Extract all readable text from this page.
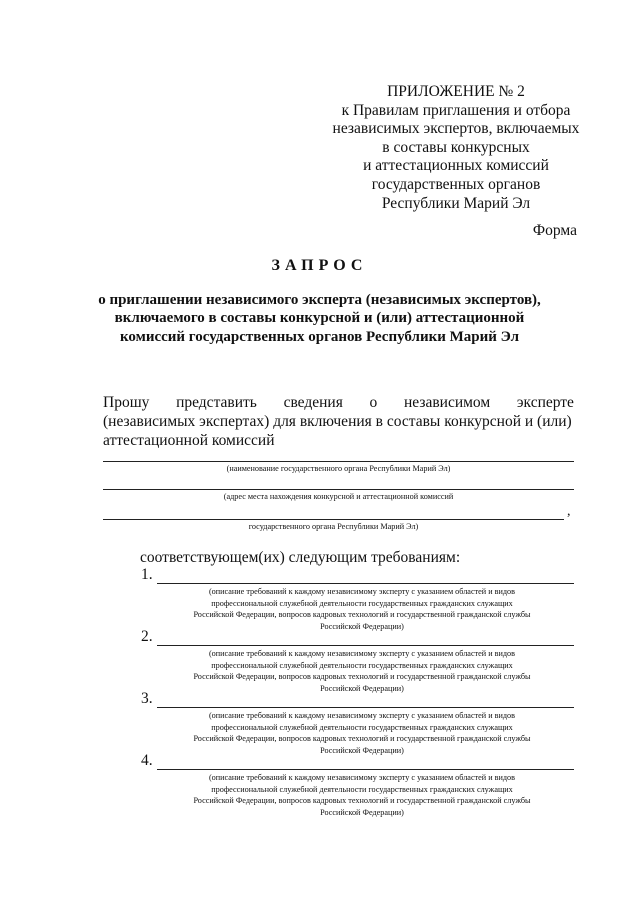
ПРИЛОЖЕНИЕ № 2
к Правилам приглашения и отбора
независимых экспертов, включаемых
в составы конкурсных
и аттестационных комиссий
государственных органов
Республики Марий Эл
Форма
ЗАПРОС
о приглашении независимого эксперта (независимых экспертов),
включаемого в составы конкурсной и (или) аттестационной
комиссий государственных органов Республики Марий Эл
Прошу представить сведения о независимом эксперте
(независимых экспертах) для включения в составы конкурсной и (или)
аттестационной комиссий
(наименование государственного органа Республики Марий Эл)
(адрес места нахождения конкурсной и аттестационной комиссий
,
государственного органа Республики Марий Эл)
соответствующем(их) следующим требованиям:
1.
(описание требований к каждому независимому эксперту с указанием областей и видов
профессиональной служебной деятельности государственных гражданских служащих
Российской Федерации, вопросов кадровых технологий и государственной гражданской службы
Российской Федерации)
2.
(описание требований к каждому независимому эксперту с указанием областей и видов
профессиональной служебной деятельности государственных гражданских служащих
Российской Федерации, вопросов кадровых технологий и государственной гражданской службы
Российской Федерации)
3.
(описание требований к каждому независимому эксперту с указанием областей и видов
профессиональной служебной деятельности государственных гражданских служащих
Российской Федерации, вопросов кадровых технологий и государственной гражданской службы
Российской Федерации)
4.
(описание требований к каждому независимому эксперту с указанием областей и видов
профессиональной служебной деятельности государственных гражданских служащих
Российской Федерации, вопросов кадровых технологий и государственной гражданской службы
Российской Федерации)
